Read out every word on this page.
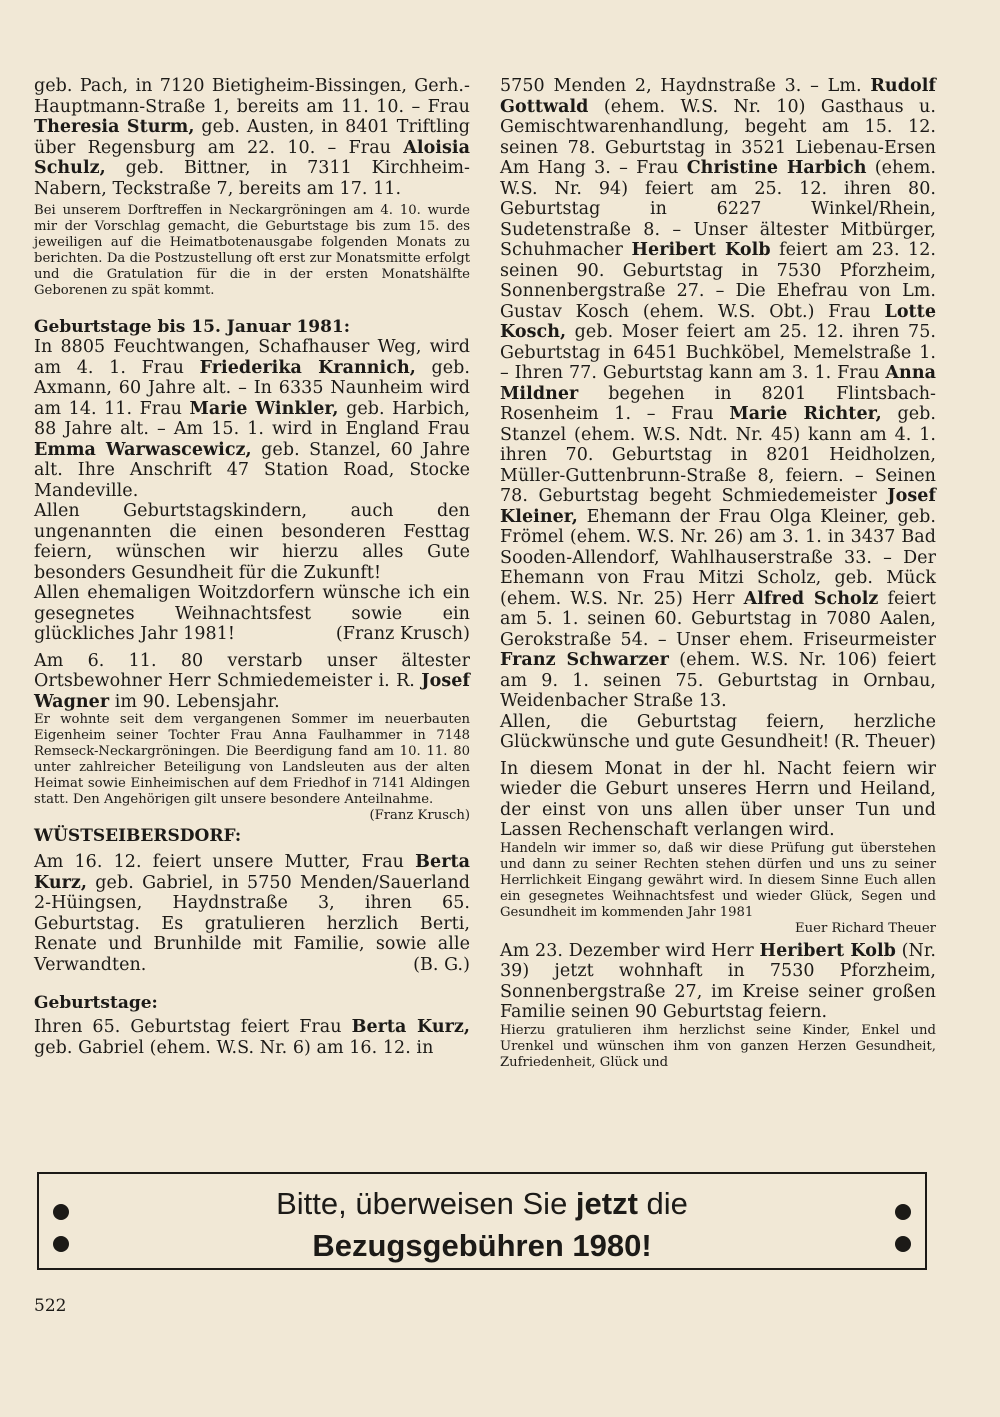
geb. Pach, in 7120 Bietigheim-Bissingen, Gerh.-Hauptmann-Straße 1, bereits am 11. 10. – Frau Theresia Sturm, geb. Austen, in 8401 Triftling über Regensburg am 22. 10. – Frau Aloisia Schulz, geb. Bittner, in 7311 Kirchheim-Nabern, Teckstraße 7, bereits am 17. 11.

Bei unserem Dorftreffen in Neckargröningen am 4. 10. wurde mir der Vorschlag gemacht, die Geburtstage bis zum 15. des jeweiligen auf die Heimatbotenausgabe folgenden Monats zu berichten. Da die Postzustellung oft erst zur Monatsmitte erfolgt und die Gratulation für die in der ersten Monatshälfte Geborenen zu spät kommt.

Geburtstage bis 15. Januar 1981:

In 8805 Feuchtwangen, Schafhauser Weg, wird am 4. 1. Frau Friederika Krannich, geb. Axmann, 60 Jahre alt. – In 6335 Naunheim wird am 14. 11. Frau Marie Winkler, geb. Harbich, 88 Jahre alt. – Am 15. 1. wird in England Frau Emma Warwascewicz, geb. Stanzel, 60 Jahre alt. Ihre Anschrift 47 Station Road, Stocke Mandeville.

Allen Geburtstagskindern, auch den ungenannten die einen besonderen Festtag feiern, wünschen wir hierzu alles Gute besonders Gesundheit für die Zukunft!

Allen ehemaligen Woitzdorfern wünsche ich ein gesegnetes Weihnachtsfest sowie ein glückliches Jahr 1981!	(Franz Krusch)

Am 6. 11. 80 verstarb unser ältester Ortsbewohner Herr Schmiedemeister i. R. Josef Wagner im 90. Lebensjahr.

Er wohnte seit dem vergangenen Sommer im neuerbauten Eigenheim seiner Tochter Frau Anna Faulhammer in 7148 Remseck-Neckargröningen. Die Beerdigung fand am 10. 11. 80 unter zahlreicher Beteiligung von Landsleuten aus der alten Heimat sowie Einheimischen auf dem Friedhof in 7141 Aldingen statt. Den Angehörigen gilt unsere besondere Anteilnahme.
(Franz Krusch)

WÜSTSEIBERSDORF:

Am 16. 12. feiert unsere Mutter, Frau Berta Kurz, geb. Gabriel, in 5750 Menden/Sauerland 2-Hüingsen, Haydnstraße 3, ihren 65. Geburtstag. Es gratulieren herzlich Berti, Renate und Brunhilde mit Familie, sowie alle Verwandten.	(B. G.)

Geburtstage:

Ihren 65. Geburtstag feiert Frau Berta Kurz, geb. Gabriel (ehem. W.S. Nr. 6) am 16. 12. in

5750 Menden 2, Haydnstraße 3. – Lm. Rudolf Gottwald (ehem. W.S. Nr. 10) Gasthaus u. Gemischtwarenhandlung, begeht am 15. 12. seinen 78. Geburtstag in 3521 Liebenau-Ersen Am Hang 3. – Frau Christine Harbich (ehem. W.S. Nr. 94) feiert am 25. 12. ihren 80. Geburtstag in 6227 Winkel/Rhein, Sudetenstraße 8. – Unser ältester Mitbürger, Schuhmacher Heribert Kolb feiert am 23. 12. seinen 90. Geburtstag in 7530 Pforzheim, Sonnenbergstraße 27. – Die Ehefrau von Lm. Gustav Kosch (ehem. W.S. Obt.) Frau Lotte Kosch, geb. Moser feiert am 25. 12. ihren 75. Geburtstag in 6451 Buchköbel, Memelstraße 1. – Ihren 77. Geburtstag kann am 3. 1. Frau Anna Mildner begehen in 8201 Flintsbach-Rosenheim 1. – Frau Marie Richter, geb. Stanzel (ehem. W.S. Ndt. Nr. 45) kann am 4. 1. ihren 70. Geburtstag in 8201 Heidholzen, Müller-Guttenbrunn-Straße 8, feiern. – Seinen 78. Geburtstag begeht Schmiedemeister Josef Kleiner, Ehemann der Frau Olga Kleiner, geb. Frömel (ehem. W.S. Nr. 26) am 3. 1. in 3437 Bad Sooden-Allendorf, Wahlhauserstraße 33. – Der Ehemann von Frau Mitzi Scholz, geb. Mück (ehem. W.S. Nr. 25) Herr Alfred Scholz feiert am 5. 1. seinen 60. Geburtstag in 7080 Aalen, Gerokstraße 54. – Unser ehem. Friseurmeister Franz Schwarzer (ehem. W.S. Nr. 106) feiert am 9. 1. seinen 75. Geburtstag in Ornbau, Weidenbacher Straße 13.

Allen, die Geburtstag feiern, herzliche Glückwünsche und gute Gesundheit! (R. Theuer)

In diesem Monat in der hl. Nacht feiern wir wieder die Geburt unseres Herrn und Heiland, der einst von uns allen über unser Tun und Lassen Rechenschaft verlangen wird.

Handeln wir immer so, daß wir diese Prüfung gut überstehen und dann zu seiner Rechten stehen dürfen und uns zu seiner Herrlichkeit Eingang gewährt wird. In diesem Sinne Euch allen ein gesegnetes Weihnachtsfest und wieder Glück, Segen und Gesundheit im kommenden Jahr 1981

Euer Richard Theuer

Am 23. Dezember wird Herr Heribert Kolb (Nr. 39) jetzt wohnhaft in 7530 Pforzheim, Sonnenbergstraße 27, im Kreise seiner großen Familie seinen 90 Geburtstag feiern.

Hierzu gratulieren ihm herzlichst seine Kinder, Enkel und Urenkel und wünschen ihm von ganzen Herzen Gesundheit, Zufriedenheit, Glück und

Bitte, überweisen Sie jetzt die
Bezugsgebühren 1980!
522
